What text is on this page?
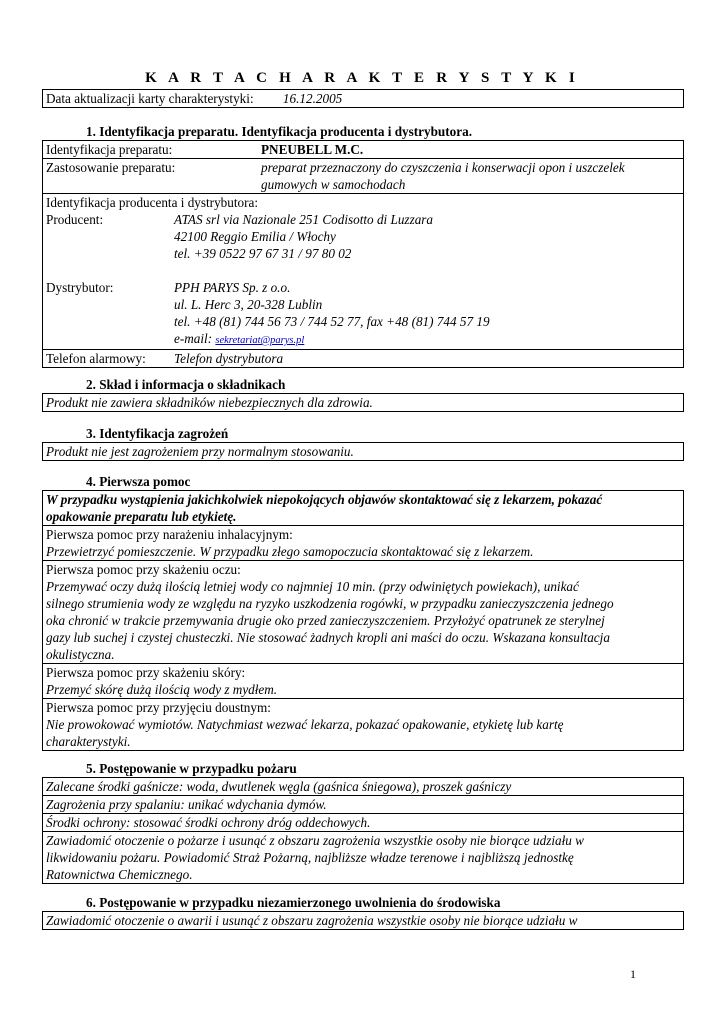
K A R T A C H A R A K T E R Y S T Y K I
Data aktualizacji karty charakterystyki: 16.12.2005
1. Identyfikacja preparatu. Identyfikacja producenta i dystrybutora.
Identyfikacja preparatu:	PNEUBELL M.C.
Zastosowanie preparatu:	preparat przeznaczony do czyszczenia i konserwacji opon i uszczelek
gumowych w samochodach
Identyfikacja producenta i dystrybutora:
Producent:	ATAS srl via Nazionale 251 Codisotto di Luzzara
42100 Reggio Emilia / Włochy
tel. +39 0522 97 67 31 / 97 80 02
Dystrybutor:	PPH PARYS Sp. z o.o.
ul. L. Herc 3, 20-328 Lublin
tel. +48 (81) 744 56 73 / 744 52 77, fax +48 (81) 744 57 19
e-mail: sekretariat@parys.pl
Telefon alarmowy:	Telefon dystrybutora
2. Skład i informacja o składnikach
Produkt nie zawiera składników niebezpiecznych dla zdrowia.
3. Identyfikacja zagrożeń
Produkt nie jest zagrożeniem przy normalnym stosowaniu.
4. Pierwsza pomoc
W przypadku wystąpienia jakichkolwiek niepokojących objawów skontaktować się z lekarzem, pokazać
opakowanie preparatu lub etykietę.
Pierwsza pomoc przy narażeniu inhalacyjnym:
Przewietrzyć pomieszczenie. W przypadku złego samopoczucia skontaktować się z lekarzem.
Pierwsza pomoc przy skażeniu oczu:
Przemywać oczy dużą ilością letniej wody co najmniej 10 min. (przy odwiniętych powiekach), unikać
silnego strumienia wody ze względu na ryzyko uszkodzenia rogówki, w przypadku zanieczyszczenia jednego
oka chronić w trakcie przemywania drugie oko przed zanieczyszczeniem. Przyłożyć opatrunek ze sterylnej
gazy lub suchej i czystej chusteczki. Nie stosować żadnych kropli ani maści do oczu. Wskazana konsultacja
okulistyczna.
Pierwsza pomoc przy skażeniu skóry:
Przemyć skórę dużą ilością wody z mydłem.
Pierwsza pomoc przy przyjęciu doustnym:
Nie prowokować wymiotów. Natychmiast wezwać lekarza, pokazać opakowanie, etykietę lub kartę
charakterystyki.
5. Postępowanie w przypadku pożaru
Zalecane środki gaśnicze: woda, dwutlenek węgla (gaśnica śniegowa), proszek gaśniczy
Zagrożenia przy spalaniu: unikać wdychania dymów.
Środki ochrony: stosować środki ochrony dróg oddechowych.
Zawiadomić otoczenie o pożarze i usunąć z obszaru zagrożenia wszystkie osoby nie biorące udziału w
likwidowaniu pożaru. Powiadomić Straż Pożarną, najbliższe władze terenowe i najbliższą jednostkę
Ratownictwa Chemicznego.
6. Postępowanie w przypadku niezamierzonego uwolnienia do środowiska
Zawiadomić otoczenie o awarii i usunąć z obszaru zagrożenia wszystkie osoby nie biorące udziału w
1
